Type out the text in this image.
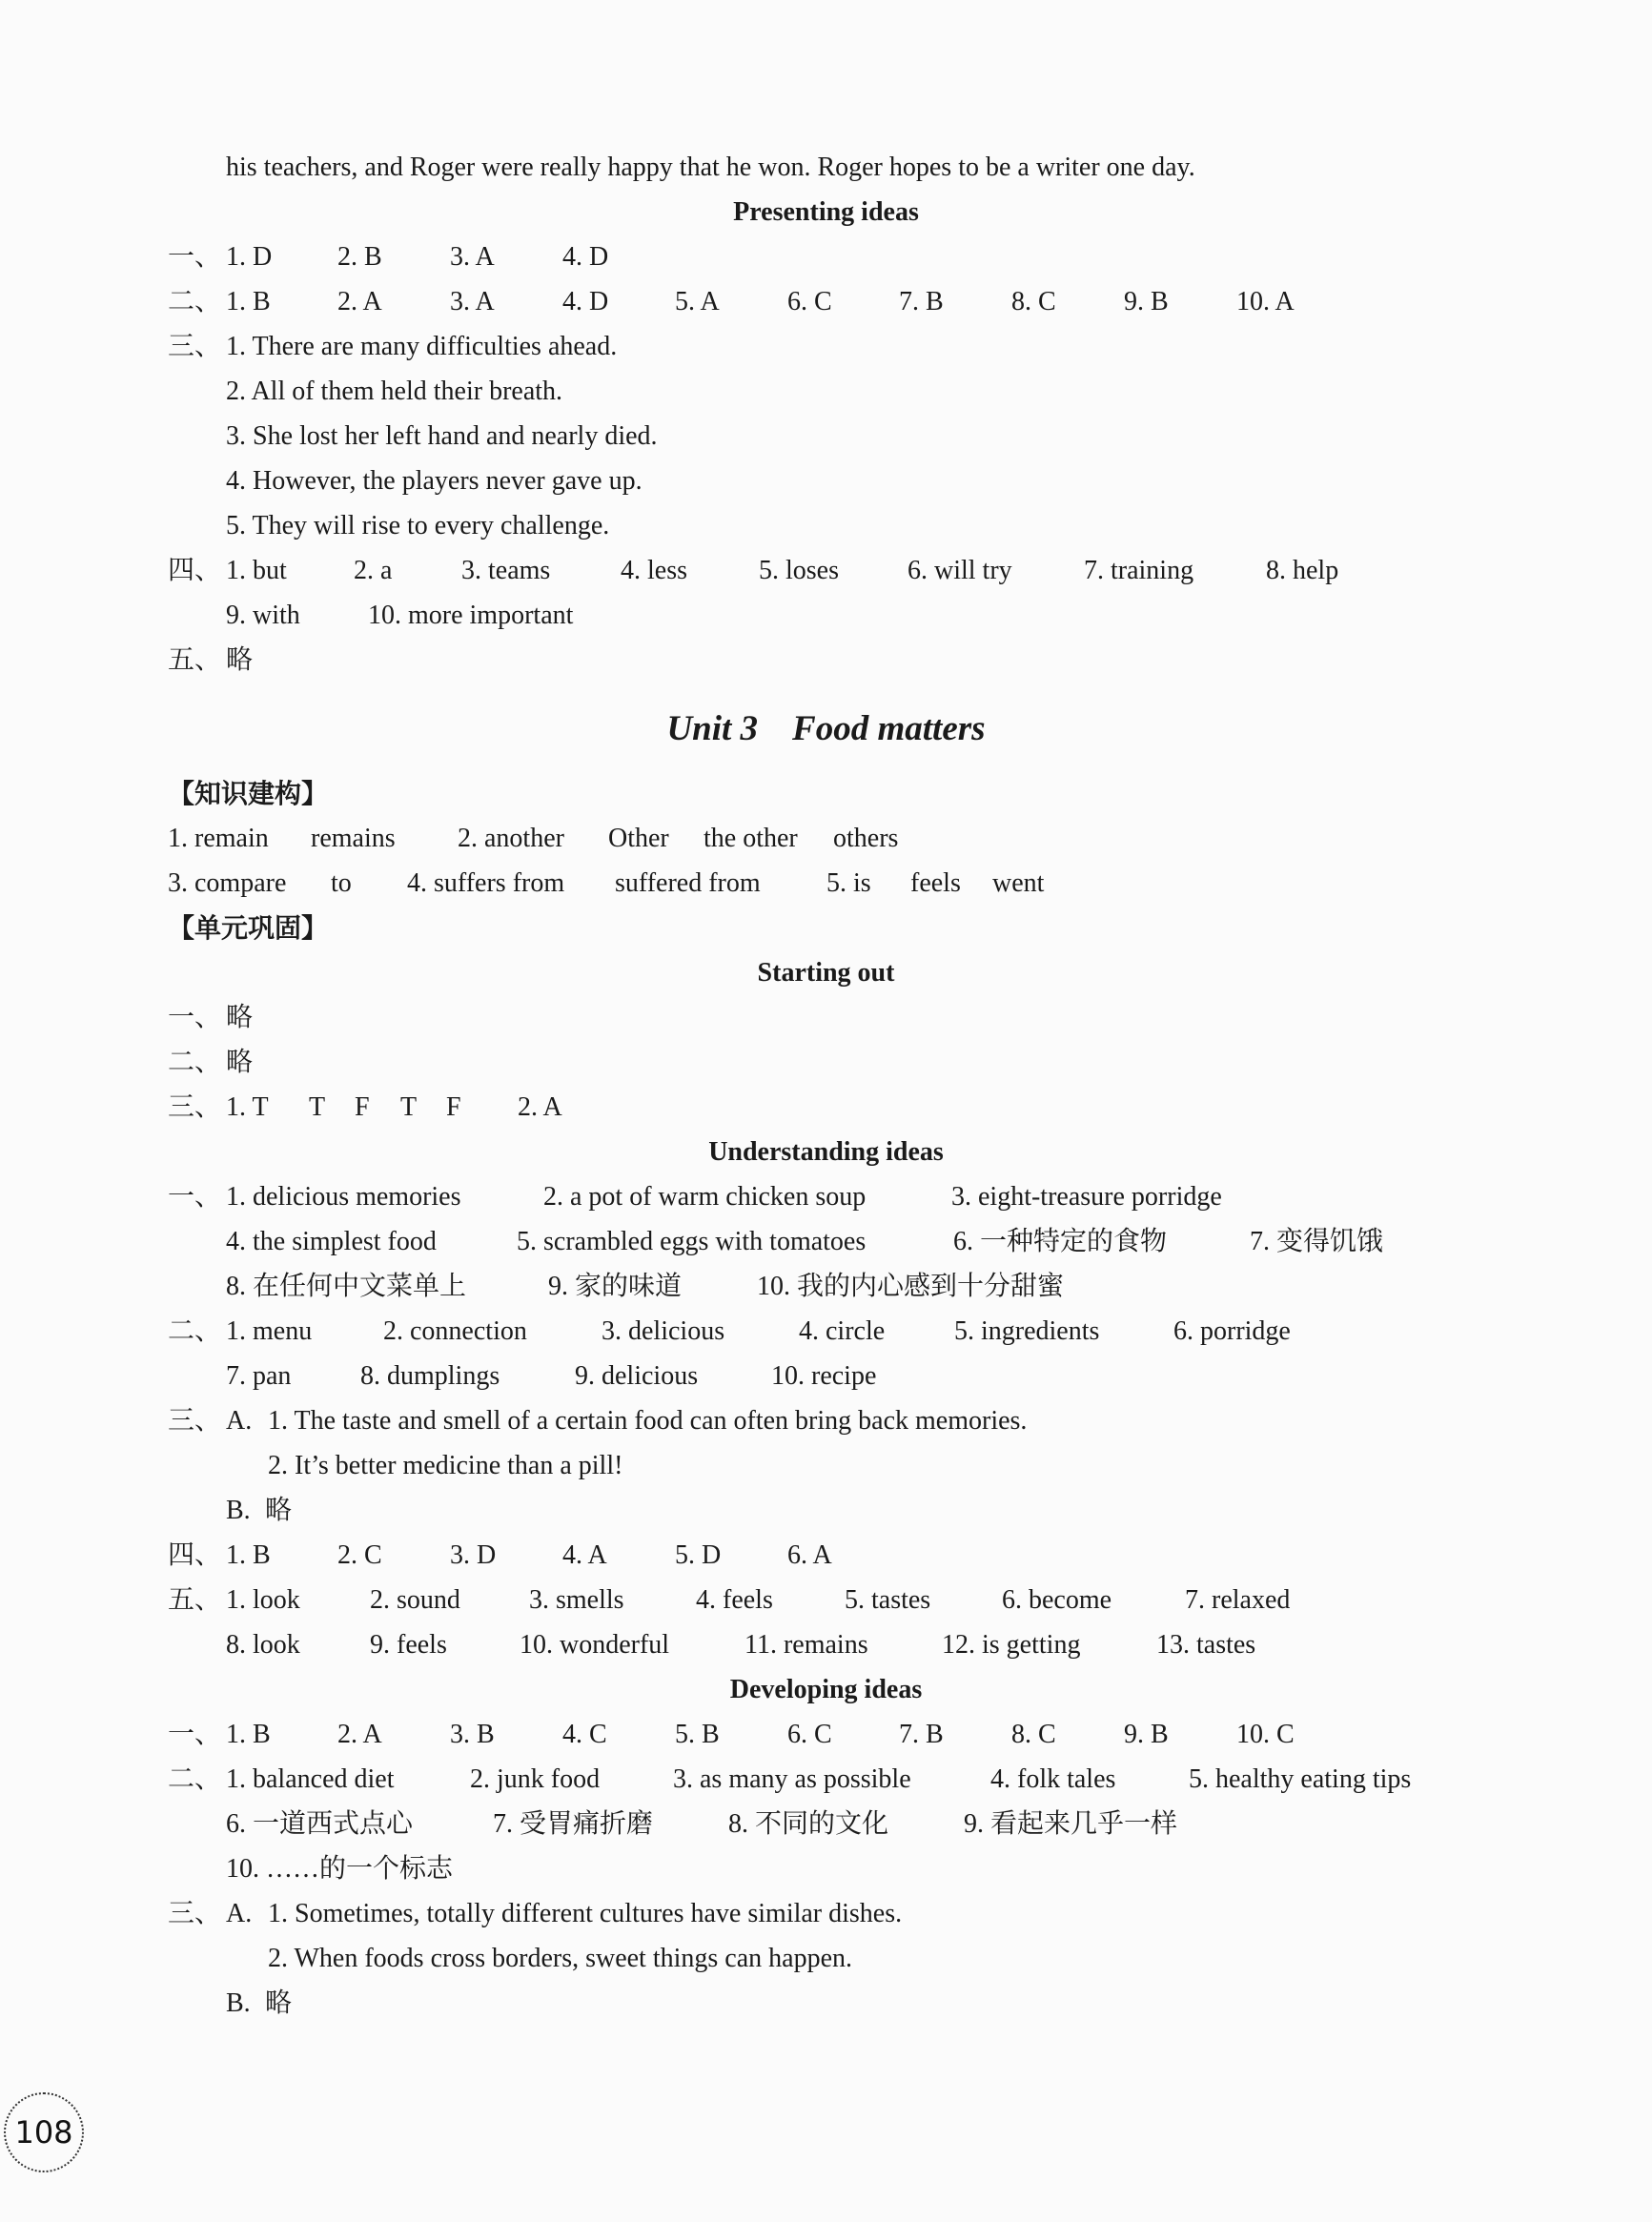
his teachers, and Roger were really happy that he won. Roger hopes to be a writer one day.
Presenting ideas
一、 1. D 2. B	3. A	4. D
二、 1. B	2. A	3. A	4. D 5. A	6. C	7. B	8. C	9. B	10. A
三、 1. There are many difficulties ahead.
2. All of them held their breath.
3. She lost her left hand and nearly died.
4. However, the players never gave up.
5. They will rise to every challenge.
四、 1. but	2. a	3. teams	4. less	5. loses	6. will try	7. training	8. help
9. with	10. more important
五、 略
Unit 3 Food matters
【知识建构】
1. remain remains 2. another Other the other others
3. compare to 4. suffers from suffered from 5. is feels went
【单元巩固】
Starting out
一、 略
二、 略
三、 1. T T F T F 2. A
Understanding ideas
一、 1. delicious memories	2. a pot of warm chicken soup	3. eight-treasure porridge
4. the simplest food	5. scrambled eggs with tomatoes	6. 一种特定的食物	7. 变得饥饿
8. 在任何中文菜单上	9. 家的味道	10. 我的内心感到十分甜蜜
二、 1. menu	2. connection	3. delicious	4. circle	5. ingredients	6. porridge
7. pan	8. dumplings	9. delicious	10. recipe
三、 A. 1. The taste and smell of a certain food can often bring back memories.
2. It’s better medicine than a pill!
B. 略
四、 1. B	2. C	3. D 4. A	5. D 6. A
五、 1. look	2. sound	3. smells	4. feels	5. tastes	6. become	7. relaxed
8. look	9. feels	10. wonderful	11. remains	12. is getting	13. tastes
Developing ideas
一、 1. B	2. A	3. B	4. C	5. B	6. C	7. B	8. C	9. B	10. C
二、 1. balanced diet	2. junk food	3. as many as possible	4. folk tales	5. healthy eating tips
6. 一道西式点心	7. 受胃痛折磨	8. 不同的文化	9. 看起来几乎一样
10. ……的一个标志
三、 A. 1. Sometimes, totally different cultures have similar dishes.
2. When foods cross borders, sweet things can happen.
B. 略
108
